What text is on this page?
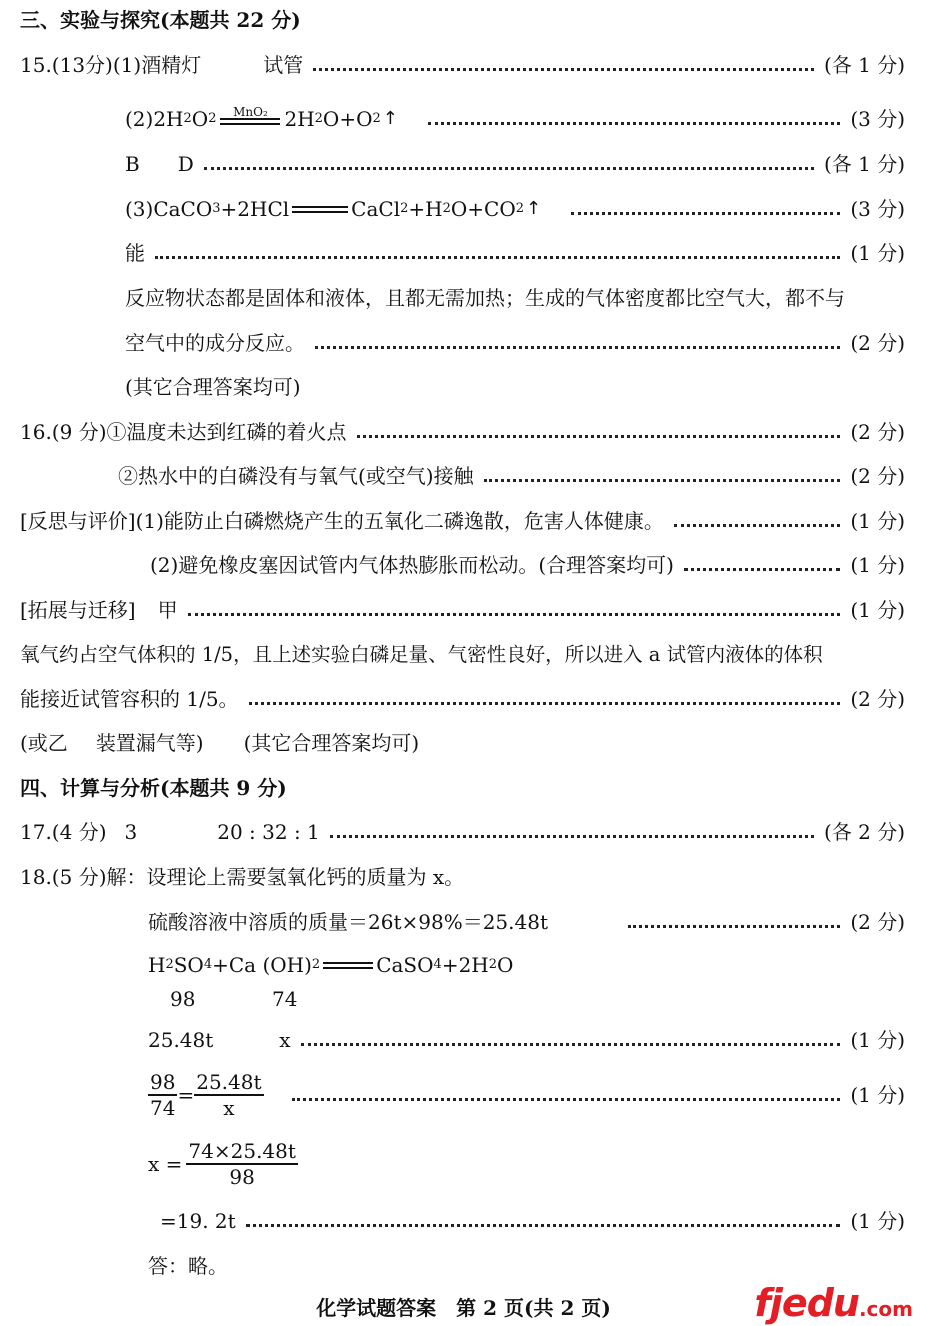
三、实验与探究(本题共 22 分)
15.(13分)(1)酒精灯	试管	(各 1 分)
(2)2H 2 O 2 MnO₂ 2H 2 O+O 2 ↑	(3 分)
B D	(各 1 分)
(3)CaCO 3 +2HCl	CaCl 2 +H 2 O+CO 2 ↑	(3 分)
能	(1 分)
反应物状态都是固体和液体，且都无需加热；生成的气体密度都比空气大，都不与
空气中的成分反应。	(2 分)
(其它合理答案均可)
16.(9 分)①温度未达到红磷的着火点	(2 分)
②热水中的白磷没有与氧气(或空气)接触	(2 分)
[反思与评价](1)能防止白磷燃烧产生的五氧化二磷逸散，危害人体健康。	(1 分)
(2)避免橡皮塞因试管内气体热膨胀而松动。(合理答案均可)	(1 分)
[拓展与迁移] 甲	(1 分)
氧气约占空气体积的 1/5，且上述实验白磷足量、气密性良好，所以进入 a 试管内液体的体积
能接近试管容积的 1/5。	(2 分)
(或乙 装置漏气等) (其它合理答案均可)
四、计算与分析(本题共 9 分)
17.(4 分) 3	20 : 32 : 1	(各 2 分)
18.(5 分)解：设理论上需要氢氧化钙的质量为 x。
硫酸溶液中溶质的质量＝26t×98%＝25.48t	(2 分)
H 2 SO 4 +Ca (OH) 2	CaSO 4 +2H 2 O
98	74
25.48t	x	(1 分)
$\frac{98}{74} = \frac{25.48t}{x}$	(1 分)
$x = \frac{74\times 25.48t}{98}$
=19. 2t	(1 分)
答：略。
化学试题答案　第 2 页(共 2 页)	fjedu.com
